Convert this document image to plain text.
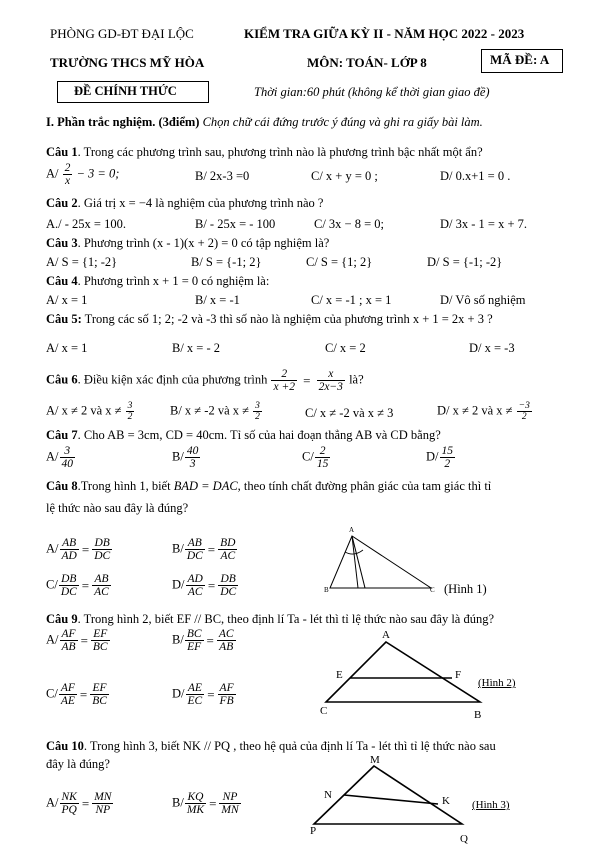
PHÒNG GD-ĐT ĐẠI LỘC	KIỂM TRA GIỮA KỲ II - NĂM HỌC 2022 - 2023
TRƯỜNG THCS MỸ HÒA	MÔN: TOÁN- LỚP 8	MÃ ĐỀ: A
ĐỀ CHÍNH THỨC	Thời gian:60 phút (không kể thời gian giao đề)
I. Phần trắc nghiệm. (3điểm) Chọn chữ cái đứng trước ý đúng và ghi ra giấy bài làm.
Câu 1. Trong các phương trình sau, phương trình nào là phương trình bậc nhất một ẩn?
$A/ \frac{2}{x} - 3 = 0$;	B/ 2x-3 =0	C/ x + y = 0 ;	D/ 0.x+1 = 0 .
Câu 2. Giá trị x = −4 là nghiệm của phương trình nào ?
A./ - 25x = 100.	B/ - 25x = - 100	C/ 3x − 8 = 0;	D/ 3x - 1 = x + 7.
Câu 3. Phương trình (x - 1)(x + 2) = 0 có tập nghiệm là?
A/ S = {1; -2}	B/ S = {-1; 2}	C/ S = {1; 2}	D/ S = {-1; -2}
Câu 4. Phương trình x + 1 = 0 có nghiệm là:
A/ x = 1	B/ x = -1	C/ x = -1 ; x = 1	D/ Vô số nghiệm
Câu 5: Trong các số 1; 2; -2 và -3 thì số nào là nghiệm của phương trình x + 1 = 2x + 3 ?
A/ x = 1	B/ x = - 2	C/ x = 2	D/ x = -3
Câu 6. Điều kiện xác định của phương trình $\frac{2}{x +2} = \frac{x}{2x-3}$ là?
A/ x ≠ 2 và $x \ne \frac{3}{2}$	B/ x ≠ -2 và $x \ne \frac{3}{2}$	C/ x ≠ -2 và x ≠ 3	D/ x ≠ 2 và $x \ne \frac{-3}{2}$
Câu 7. Cho AB = 3cm, CD = 40cm. Tỉ số của hai đoạn thẳng AB và CD bằng?
$A/ \frac{3}{40}$	$B/ \frac{40}{3}$	$C/ \frac{2}{15}$	$D/ \frac{15}{2}$
Câu 8.Trong hình 1, biết BAD = DAC, theo tính chất đường phân giác của tam giác thì tỉ
lệ thức nào sau đây là đúng?
$A/ \frac{AB}{AD} = \frac{DB}{DC}$	$B/ \frac{AB}{DC} = \frac{BD}{AC}$
$C/ \frac{DB}{DC} = \frac{AB}{AC}$	$D/ \frac{AD}{AC} = \frac{DB}{DC}$
A
B	C (Hình 1)
Câu 9. Trong hình 2, biết EF // BC, theo định lí Ta - lét thì tỉ lệ thức nào sau đây là đúng?
$A/ \frac{AF}{AB} = \frac{EF}{BC}$	$B/ \frac{BC}{EF} = \frac{AC}{AB}$
$C/ \frac{AF}{AE} = \frac{EF}{BC}$	$D/ \frac{AE}{EC} = \frac{AF}{FB}$
A
E	F
C	B
(Hình 2)
Câu 10. Trong hình 3, biết NK // PQ , theo hệ quả của định lí Ta - lét thì tỉ lệ thức nào sau
đây là đúng?
$A/ \frac{NK}{PQ} = \frac{MN}{NP}$	$B/ \frac{KQ}{MK} = \frac{NP}{MN}$
M
N	K
P
Q
(Hình 3)
